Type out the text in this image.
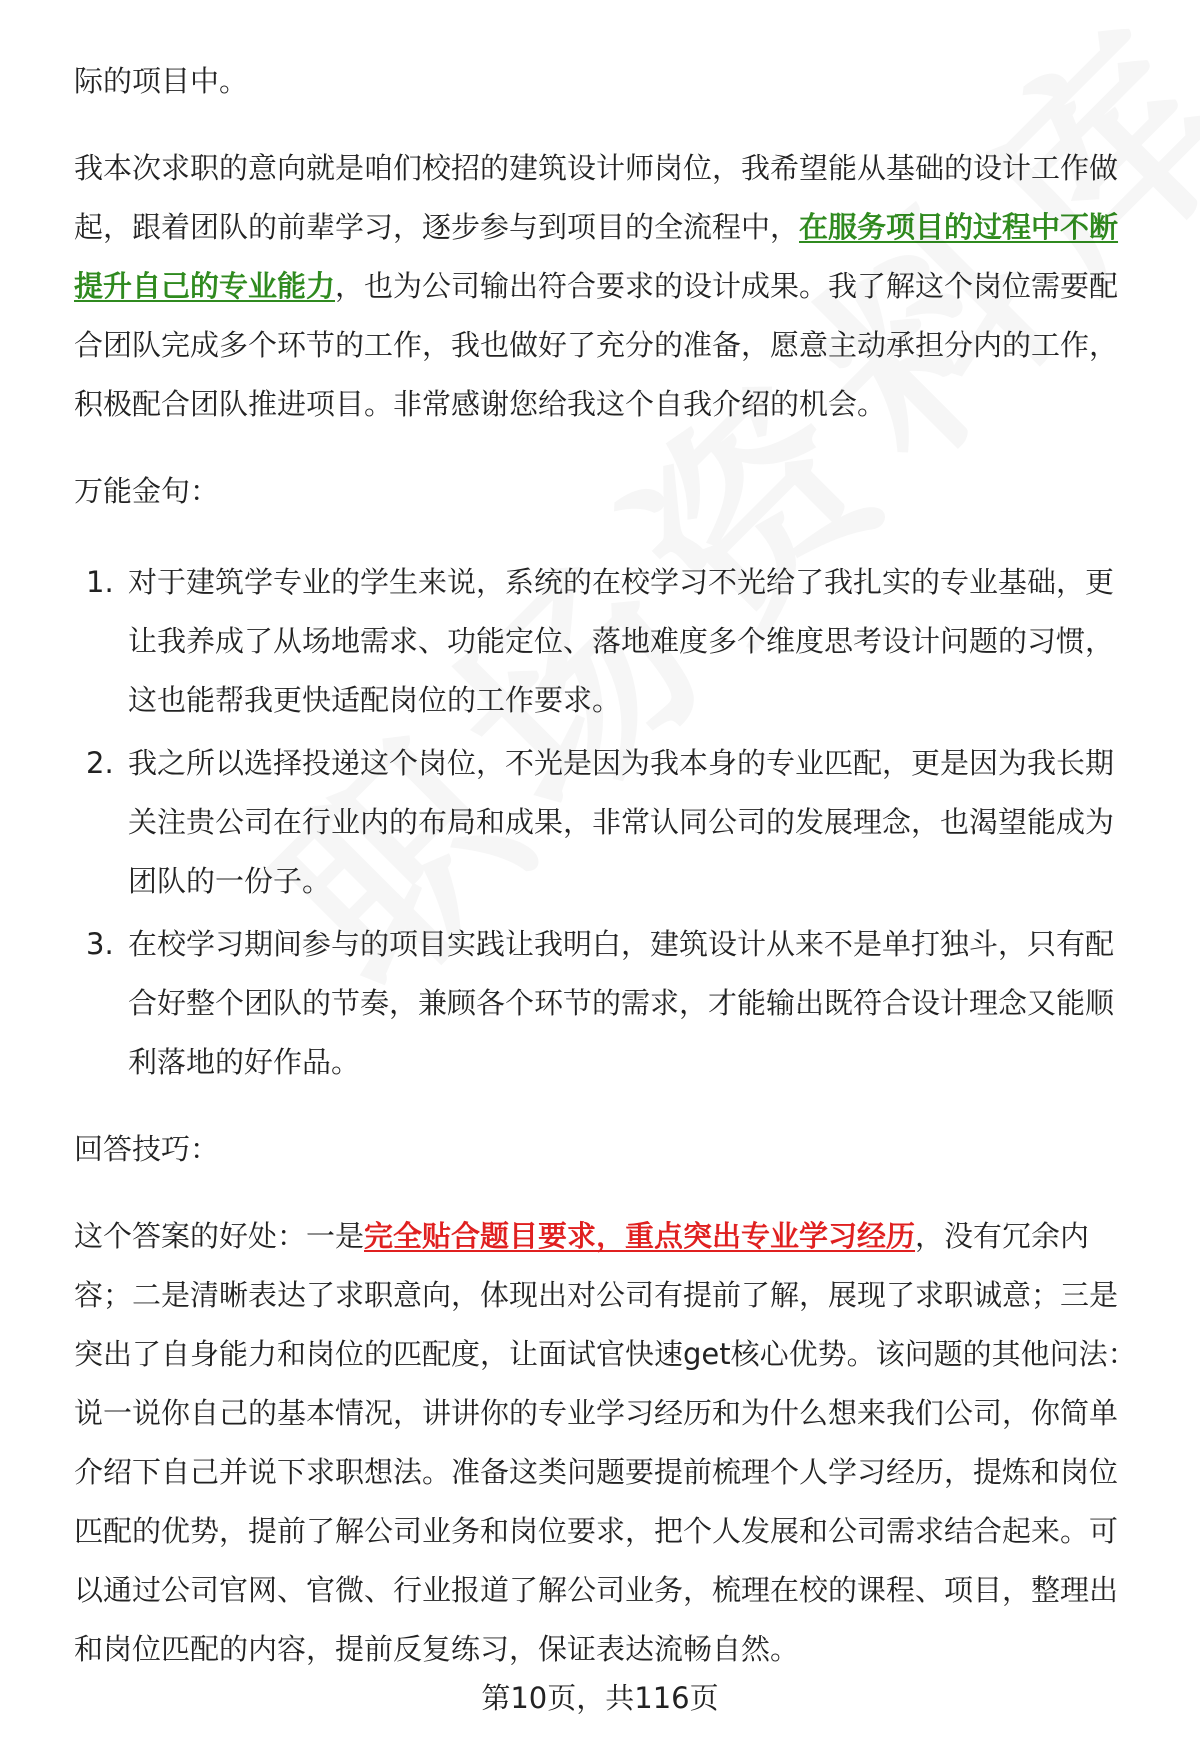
际的项目中。

我本次求职的意向就是咱们校招的建筑设计师岗位，我希望能从基础的设计工作做起，跟着团队的前辈学习，逐步参与到项目的全流程中，在服务项目的过程中不断提升自己的专业能力，也为公司输出符合要求的设计成果。我了解这个岗位需要配合团队完成多个环节的工作，我也做好了充分的准备，愿意主动承担分内的工作，积极配合团队推进项目。非常感谢您给我这个自我介绍的机会。

万能金句：

1. 对于建筑学专业的学生来说，系统的在校学习不光给了我扎实的专业基础，更让我养成了从场地需求、功能定位、落地难度多个维度思考设计问题的习惯，这也能帮我更快适配岗位的工作要求。
2. 我之所以选择投递这个岗位，不光是因为我本身的专业匹配，更是因为我长期关注贵公司在行业内的布局和成果，非常认同公司的发展理念，也渴望能成为团队的一份子。
3. 在校学习期间参与的项目实践让我明白，建筑设计从来不是单打独斗，只有配合好整个团队的节奏，兼顾各个环节的需求，才能输出既符合设计理念又能顺利落地的好作品。

回答技巧：

这个答案的好处：一是完全贴合题目要求，重点突出专业学习经历，没有冗余内容；二是清晰表达了求职意向，体现出对公司有提前了解，展现了求职诚意；三是突出了自身能力和岗位的匹配度，让面试官快速get核心优势。该问题的其他问法：说一说你自己的基本情况，讲讲你的专业学习经历和为什么想来我们公司，你简单介绍下自己并说下求职想法。准备这类问题要提前梳理个人学习经历，提炼和岗位匹配的优势，提前了解公司业务和岗位要求，把个人发展和公司需求结合起来。可以通过公司官网、官微、行业报道了解公司业务，梳理在校的课程、项目，整理出和岗位匹配的内容，提前反复练习，保证表达流畅自然。

第10页，共116页
